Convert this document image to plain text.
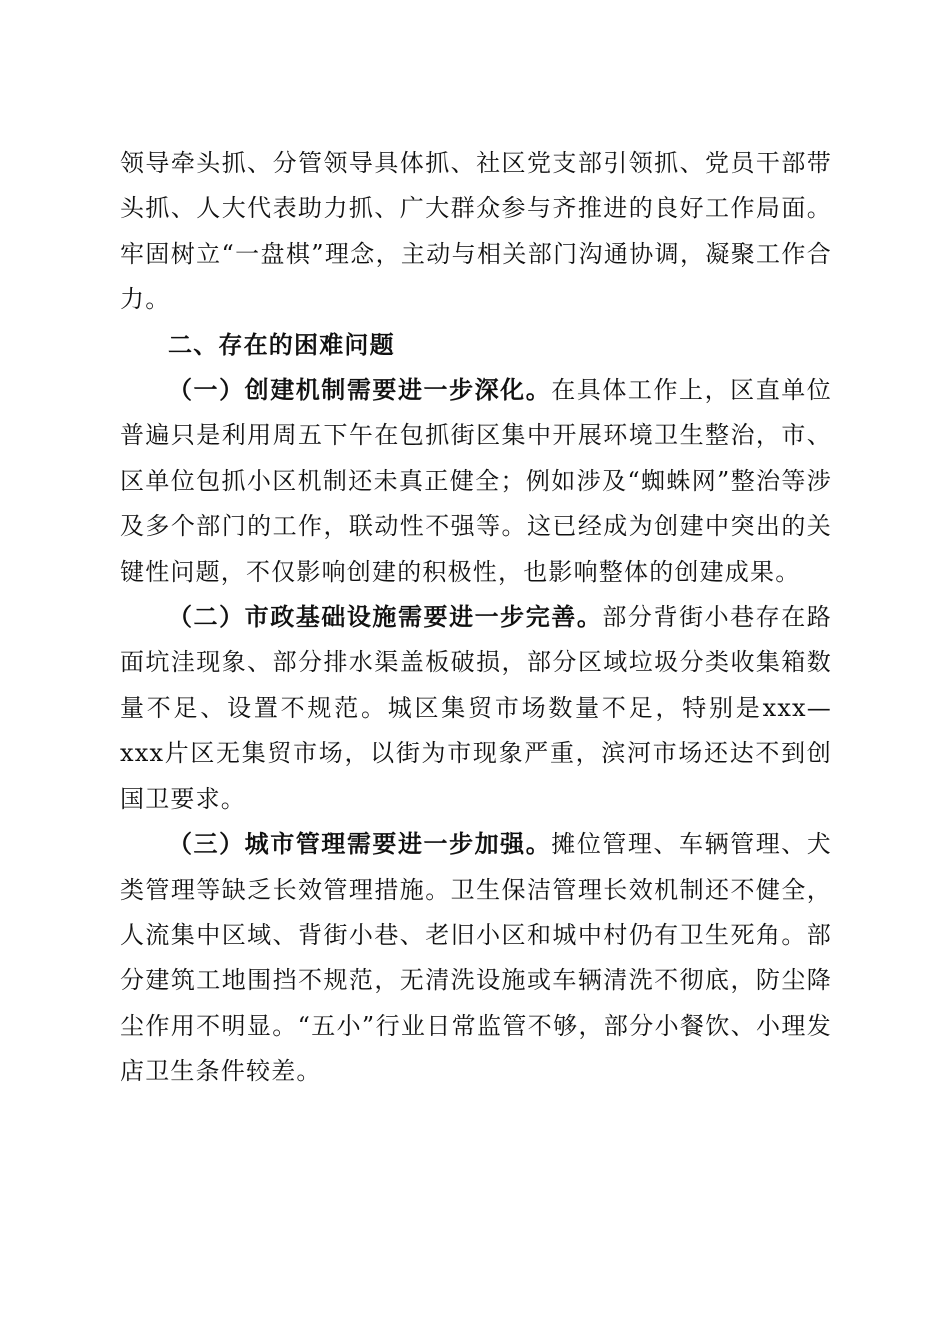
领导牵头抓、分管领导具体抓、社区党支部引领抓、党员干部带头抓、人大代表助力抓、广大群众参与齐推进的良好工作局面。牢固树立“一盘棋”理念，主动与相关部门沟通协调，凝聚工作合力。

二、存在的困难问题

（一）创建机制需要进一步深化。在具体工作上，区直单位普遍只是利用周五下午在包抓街区集中开展环境卫生整治，市、区单位包抓小区机制还未真正健全；例如涉及“蜘蛛网”整治等涉及多个部门的工作，联动性不强等。这已经成为创建中突出的关键性问题，不仅影响创建的积极性，也影响整体的创建成果。

（二）市政基础设施需要进一步完善。部分背街小巷存在路面坑洼现象、部分排水渠盖板破损，部分区域垃圾分类收集箱数量不足、设置不规范。城区集贸市场数量不足，特别是xxx—xxx片区无集贸市场，以街为市现象严重，滨河市场还达不到创国卫要求。

（三）城市管理需要进一步加强。摊位管理、车辆管理、犬类管理等缺乏长效管理措施。卫生保洁管理长效机制还不健全，人流集中区域、背街小巷、老旧小区和城中村仍有卫生死角。部分建筑工地围挡不规范，无清洗设施或车辆清洗不彻底，防尘降尘作用不明显。“五小”行业日常监管不够，部分小餐饮、小理发店卫生条件较差。
